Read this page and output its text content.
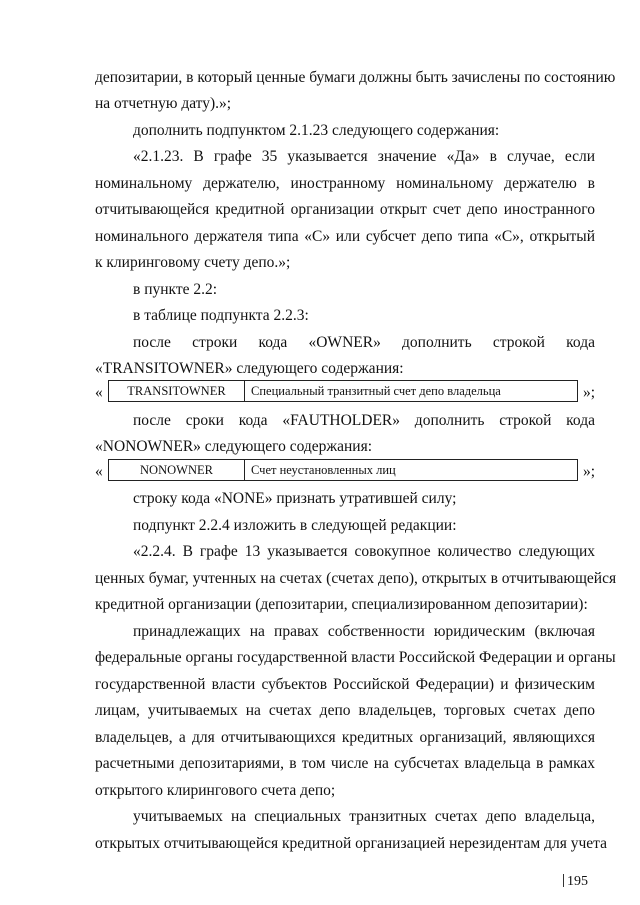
депозитарии, в который ценные бумаги должны быть зачислены по состоянию
на отчетную дату).»;
дополнить подпунктом 2.1.23 следующего содержания:
«2.1.23. В графе 35 указывается значение «Да» в случае, если
номинальному держателю, иностранному номинальному держателю в
отчитывающейся кредитной организации открыт счет депо иностранного
номинального держателя типа «С» или субсчет депо типа «С», открытый
к клиринговому счету депо.»;
в пункте 2.2:
в таблице подпункта 2.2.3:
после строки кода «OWNER» дополнить строкой кода
«TRANSITOWNER» следующего содержания:
«	TRANSITOWNER	Специальный транзитный счет депо владельца	»;
после сроки кода «FAUTHOLDER» дополнить строкой кода
«NONOWNER» следующего содержания:
«	NONOWNER	Счет неустановленных лиц	»;
строку кода «NONE» признать утратившей силу;
подпункт 2.2.4 изложить в следующей редакции:
«2.2.4. В графе 13 указывается совокупное количество следующих
ценных бумаг, учтенных на счетах (счетах депо), открытых в отчитывающейся
кредитной организации (депозитарии, специализированном депозитарии):
принадлежащих на правах собственности юридическим (включая
федеральные органы государственной власти Российской Федерации и органы
государственной власти субъектов Российской Федерации) и физическим
лицам, учитываемых на счетах депо владельцев, торговых счетах депо
владельцев, а для отчитывающихся кредитных организаций, являющихся
расчетными депозитариями, в том числе на субсчетах владельца в рамках
открытого клирингового счета депо;
учитываемых на специальных транзитных счетах депо владельца,
открытых отчитывающейся кредитной организацией нерезидентам для учета
195
